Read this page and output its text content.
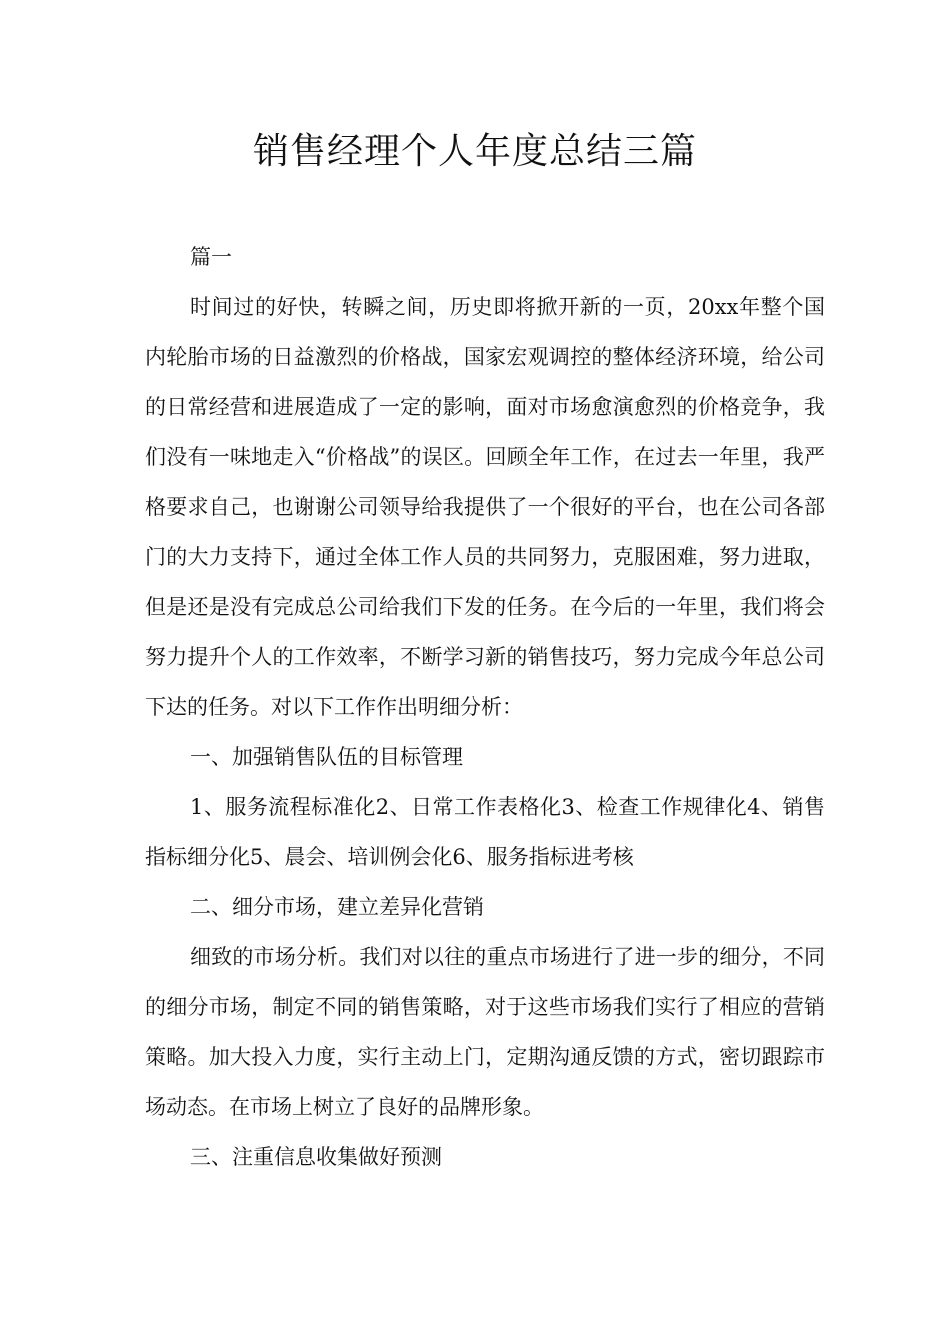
销售经理个人年度总结三篇

篇一

时间过的好快，转瞬之间，历史即将掀开新的一页，20xx年整个国内轮胎市场的日益激烈的价格战，国家宏观调控的整体经济环境，给公司的日常经营和进展造成了一定的影响，面对市场愈演愈烈的价格竞争，我们没有一味地走入“价格战”的误区。回顾全年工作，在过去一年里，我严格要求自己，也谢谢公司领导给我提供了一个很好的平台，也在公司各部门的大力支持下，通过全体工作人员的共同努力，克服困难，努力进取，但是还是没有完成总公司给我们下发的任务。在今后的一年里，我们将会努力提升个人的工作效率，不断学习新的销售技巧，努力完成今年总公司下达的任务。对以下工作作出明细分析：

一、加强销售队伍的目标管理

1、服务流程标准化2、日常工作表格化3、检查工作规律化4、销售指标细分化5、晨会、培训例会化6、服务指标进考核

二、细分市场，建立差异化营销

细致的市场分析。我们对以往的重点市场进行了进一步的细分，不同的细分市场，制定不同的销售策略，对于这些市场我们实行了相应的营销策略。加大投入力度，实行主动上门，定期沟通反馈的方式，密切跟踪市场动态。在市场上树立了良好的品牌形象。

三、注重信息收集做好预测
